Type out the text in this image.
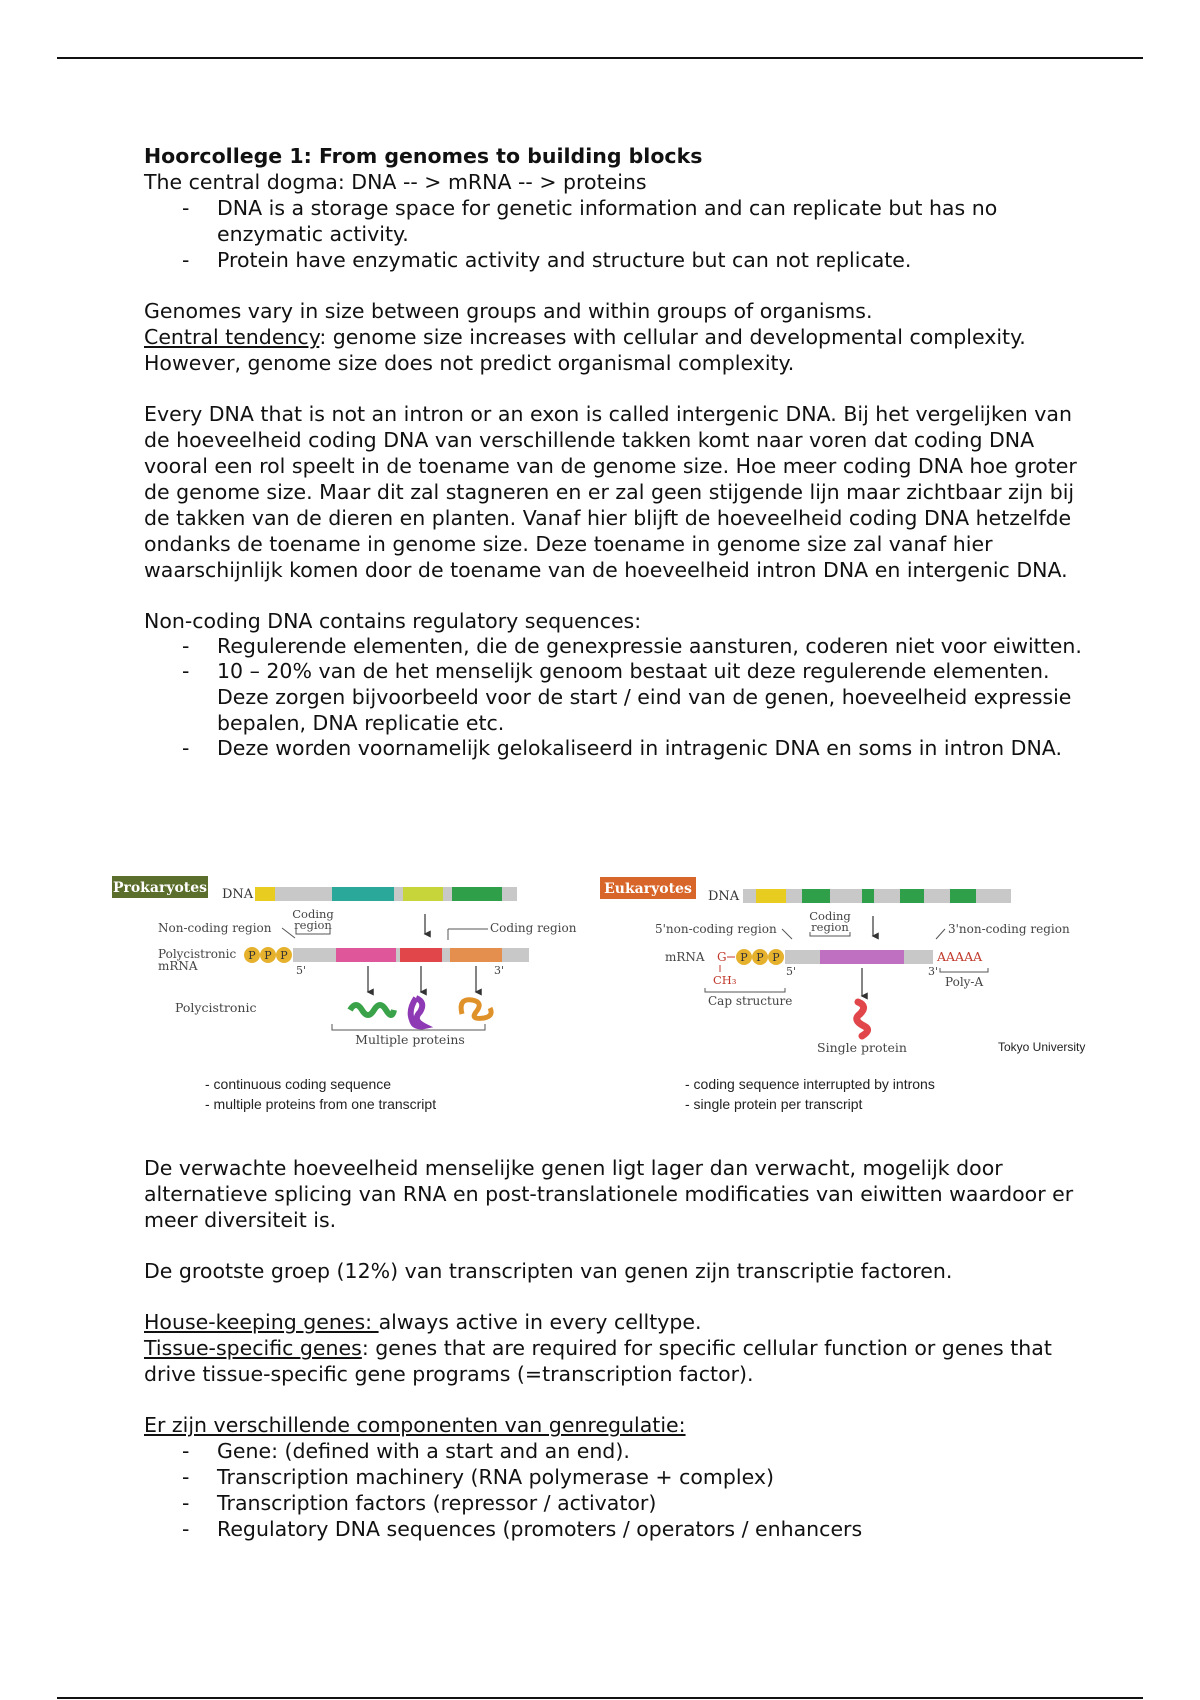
Hoorcollege 1: From genomes to building blocks

The central dogma: DNA -- > mRNA -- > proteins

- DNA is a storage space for genetic information and can replicate but has no enzymatic activity.
- Protein have enzymatic activity and structure but can not replicate.

Genomes vary in size between groups and within groups of organisms.

Central tendency: genome size increases with cellular and developmental complexity. However, genome size does not predict organismal complexity.

Every DNA that is not an intron or an exon is called intergenic DNA. Bij het vergelijken van de hoeveelheid coding DNA van verschillende takken komt naar voren dat coding DNA vooral een rol speelt in de toename van de genome size. Hoe meer coding DNA hoe groter de genome size. Maar dit zal stagneren en er zal geen stijgende lijn maar zichtbaar zijn bij de takken van de dieren en planten. Vanaf hier blijft de hoeveelheid coding DNA hetzelfde ondanks de toename in genome size. Deze toename in genome size zal vanaf hier waarschijnlijk komen door de toename van de hoeveelheid intron DNA en intergenic DNA.

Non-coding DNA contains regulatory sequences:

- Regulerende elementen, die de genexpressie aansturen, coderen niet voor eiwitten.
- 10 – 20% van de het menselijk genoom bestaat uit deze regulerende elementen. Deze zorgen bijvoorbeeld voor de start / eind van de genen, hoeveelheid expressie bepalen, DNA replicatie etc.
- Deze worden voornamelijk gelokaliseerd in intragenic DNA en soms in intron DNA.
Prokaryotes DNA
Non-coding region
Coding
region	Coding region
Polycistronic
mRNA
P P P
5'	3'
Polycistronic
Multiple proteins
- continuous coding sequence
- multiple proteins from one transcript
Eukaryotes DNA
5'non-coding region
Coding
region	3'non-coding region
mRNA G P P P
CH₃
5'
AAAAA
3'
Poly-A
Cap structure
Single protein	Tokyo University
- coding sequence interrupted by introns
- single protein per transcript

De verwachte hoeveelheid menselijke genen ligt lager dan verwacht, mogelijk door alternatieve splicing van RNA en post-translationele modificaties van eiwitten waardoor er meer diversiteit is.

De grootste groep (12%) van transcripten van genen zijn transcriptie factoren.

House-keeping genes: always active in every celltype.

Tissue-specific genes: genes that are required for specific cellular function or genes that drive tissue-specific gene programs (=transcription factor).

Er zijn verschillende componenten van genregulatie:

- Gene: (defined with a start and an end).
- Transcription machinery (RNA polymerase + complex)
- Transcription factors (repressor / activator)
- Regulatory DNA sequences (promoters / operators / enhancers
